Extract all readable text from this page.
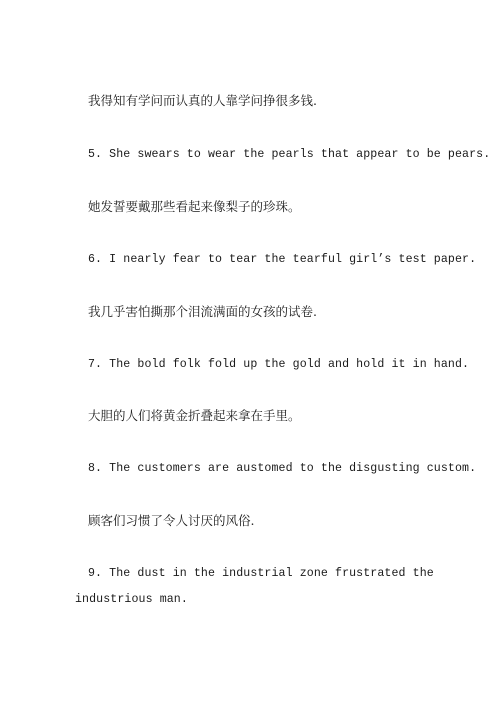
我得知有学问而认真的人靠学问挣很多钱.
5. She swears to wear the pearls that appear to be pears.
她发誓要戴那些看起来像梨子的珍珠。
6. I nearly fear to tear the tearful girl’s test paper.
我几乎害怕撕那个泪流满面的女孩的试卷.
7. The bold folk fold up the gold and hold it in hand.
大胆的人们将黄金折叠起来拿在手里。
8. The customers are austomed to the disgusting custom.
顾客们习惯了令人讨厌的风俗.
9. The dust in the industrial zone frustrated the
industrious man.
